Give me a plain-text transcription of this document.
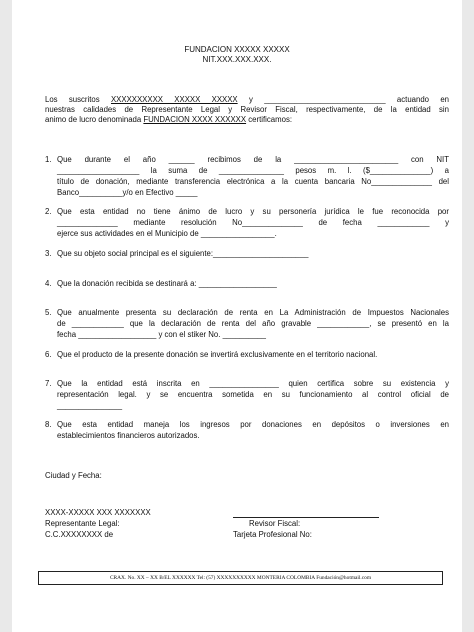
FUNDACION XXXXX XXXXX
NIT.XXX.XXX.XXX.
Los suscritos XXXXXXXXXX XXXXX XXXXX y ____________________________ actuando en
nuestras calidades de Representante Legal y Revisor Fiscal, respectivamente, de la entidad sin
animo de lucro denominada FUNDACION XXXX XXXXXX certificamos:
1. Que durante el año ______ recibimos de la ________________________ con NIT
___________________ la suma de _______________ pesos m. l. ($______________) a
título de donación, mediante transferencia electrónica a la cuenta bancaria No______________ del
Banco__________y/o en Efectivo _____
2. Que esta entidad no tiene ánimo de lucro y su personería jurídica le fue reconocida por
______________ mediante resolución No______________ de fecha ____________ y
ejerce sus actividades en el Municipio de _________________.
3. Que su objeto social principal es el siguiente:______________________
4. Que la donación recibida se destinará a: __________________
5. Que anualmente presenta su declaración de renta en La Administración de Impuestos Nacionales
de ____________ que la declaración de renta del año gravable ____________, se presentó en la
fecha __________________ y con el stiker No. __________
6. Que el producto de la presente donación se invertirá exclusivamente en el territorio nacional.
7. Que la entidad está inscrita en ________________ quien certifica sobre su existencia y
representación legal. y se encuentra sometida en su funcionamiento al control oficial de
_______________
8. Que esta entidad maneja los ingresos por donaciones en depósitos o inversiones en
establecimientos financieros autorizados.
Ciudad y Fecha:
XXXX-XXXXX XXX XXXXXXX
Representante Legal:
C.C.XXXXXXXX de
Revisor Fiscal:
Tarjeta Profesional No:
CRAX. No. XX – XX B/EL XXXXXX Tel: (57) XXXXXXXXXX MONTERIA COLOMBIA Fundación@hotmail.com
